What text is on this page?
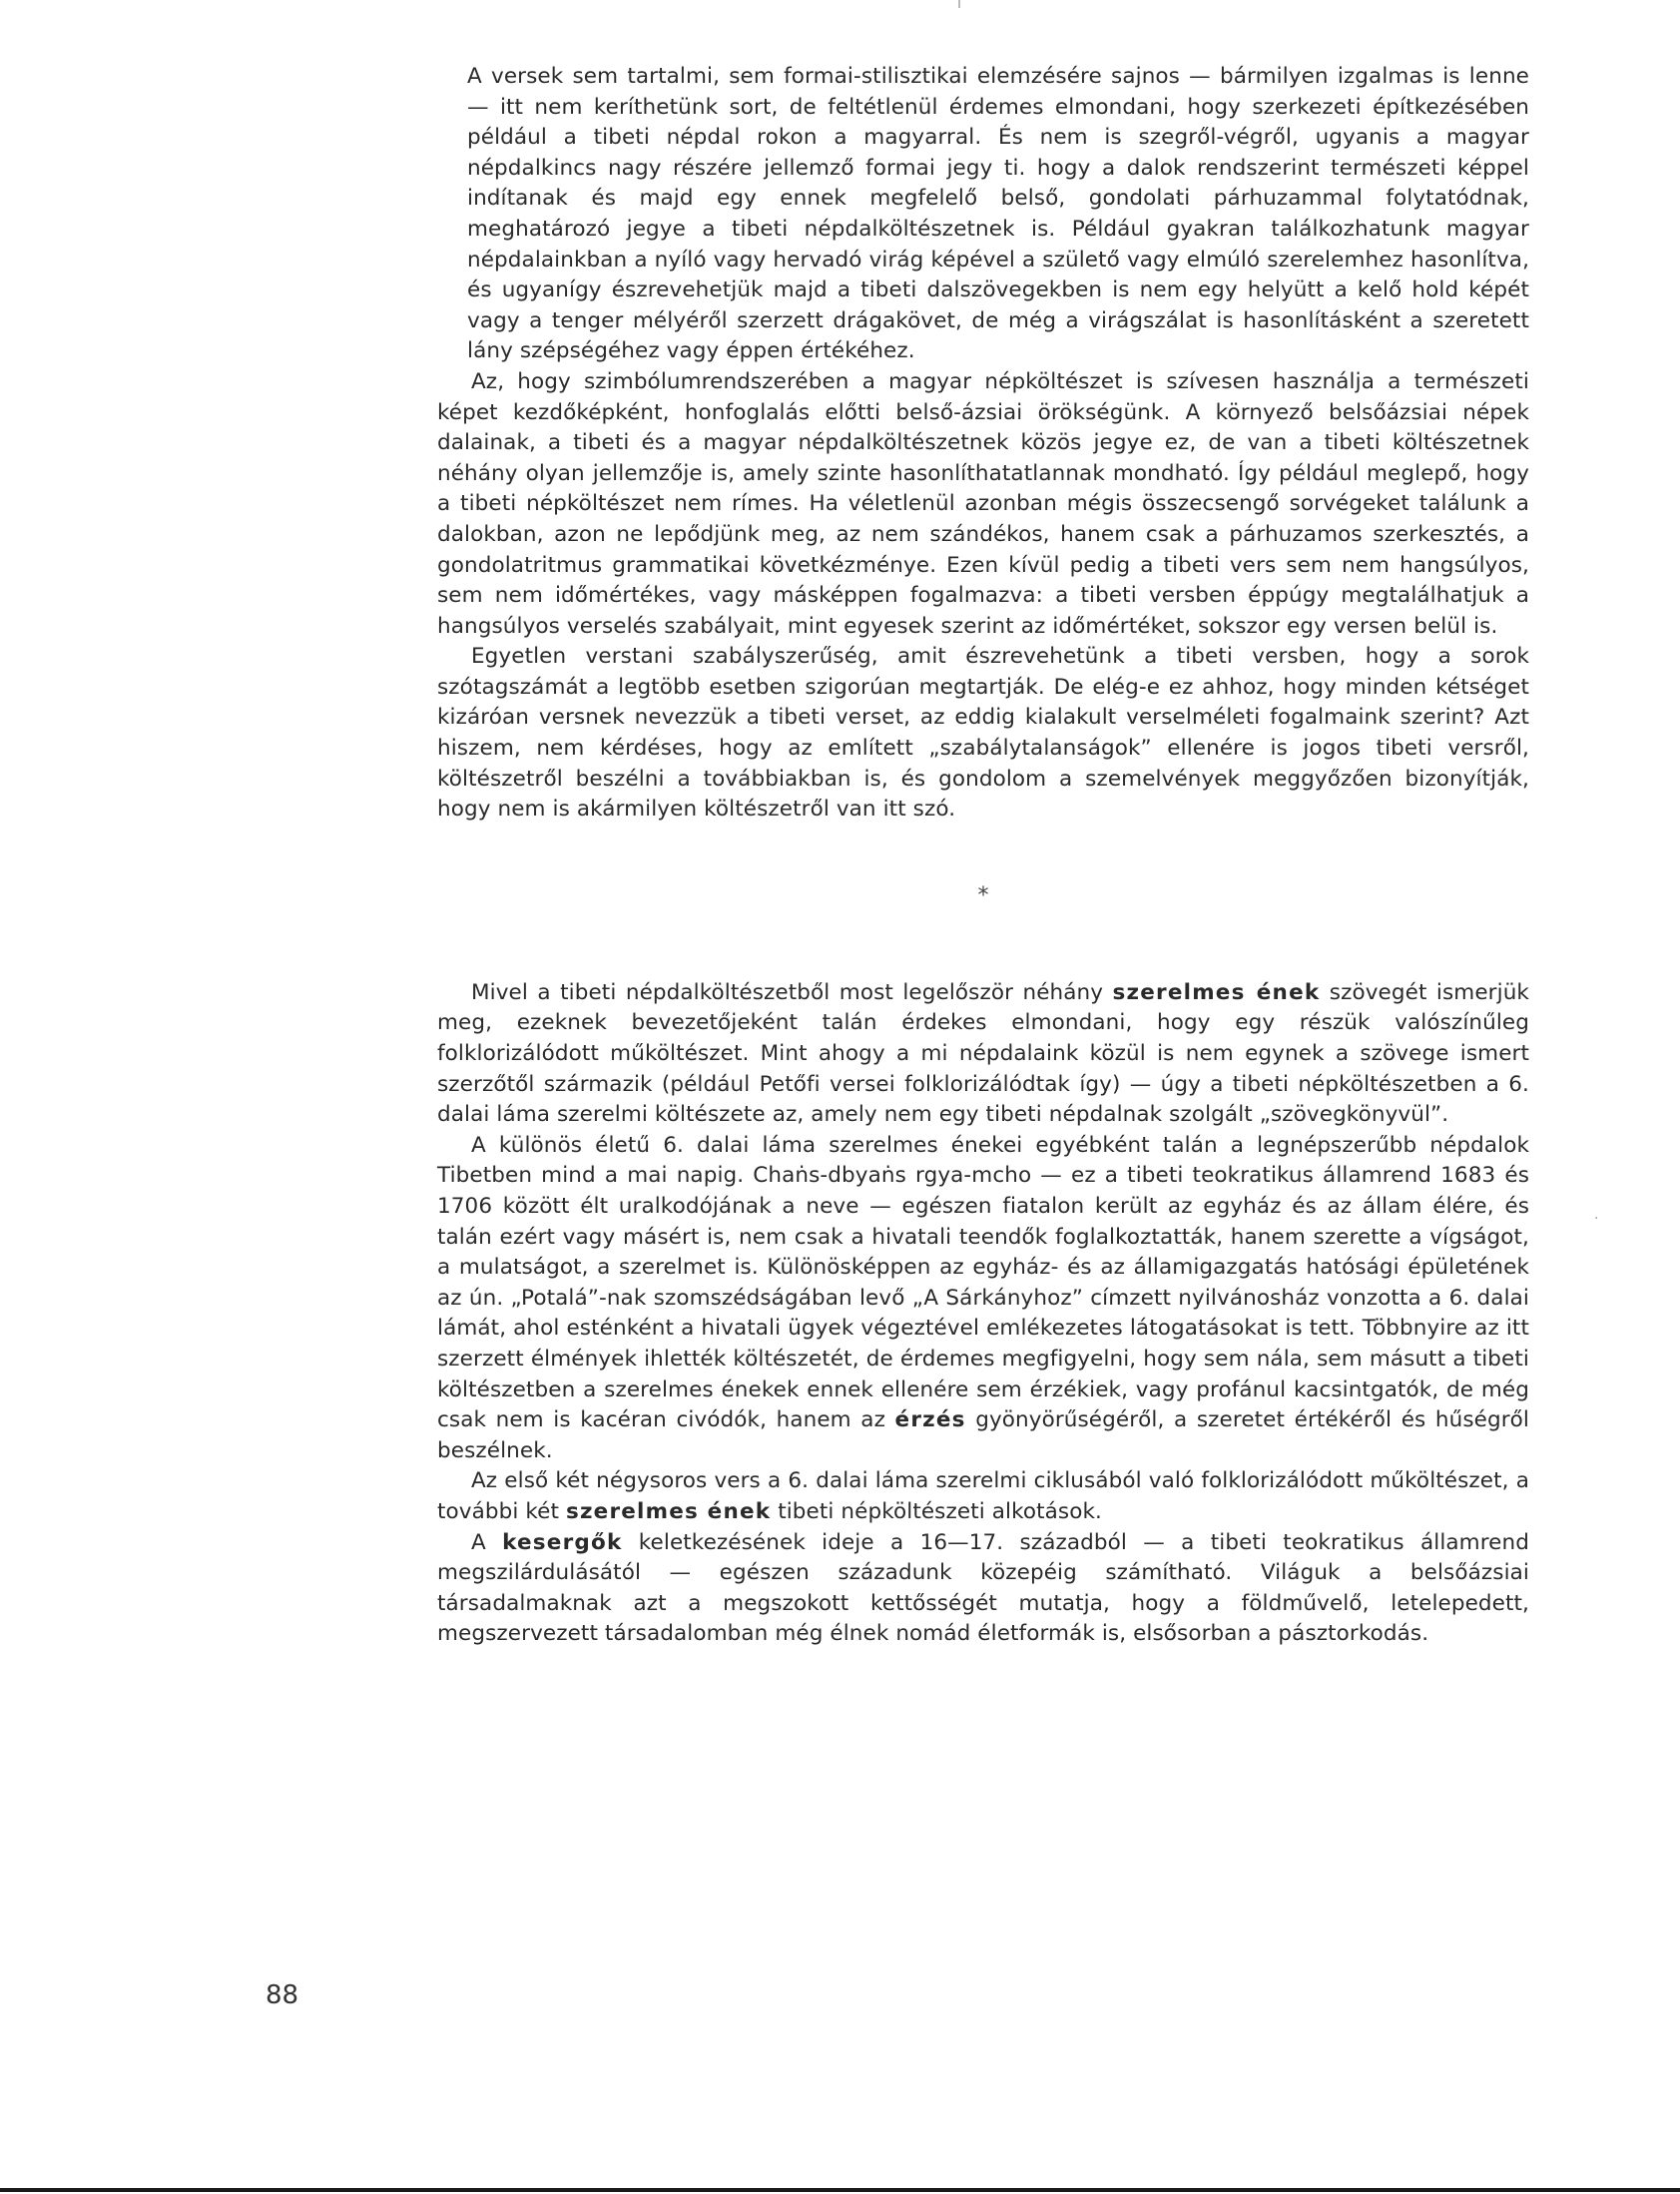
A versek sem tartalmi, sem formai-stilisztikai elemzésére sajnos — bármilyen izgalmas is lenne — itt nem keríthetünk sort, de feltétlenül érdemes elmondani, hogy szerkezeti építkezésében például a tibeti népdal rokon a magyarral. És nem is szegről-végről, ugyanis a magyar népdalkincs nagy részére jellemző formai jegy ti. hogy a dalok rendszerint természeti képpel indítanak és majd egy ennek megfelelő belső, gondolati párhuzammal folytatódnak, meghatározó jegye a tibeti népdalköltészetnek is. Például gyakran találkozhatunk magyar népdalainkban a nyíló vagy hervadó virág képével a születő vagy elmúló szerelemhez hasonlítva, és ugyanígy észrevehetjük majd a tibeti dalszövegekben is nem egy helyütt a kelő hold képét vagy a tenger mélyéről szerzett drágakövet, de még a virágszálat is hasonlításként a szeretett lány szépségéhez vagy éppen értékéhez.

Az, hogy szimbólumrendszerében a magyar népköltészet is szívesen használja a természeti képet kezdőképként, honfoglalás előtti belső-ázsiai örökségünk. A környező belsőázsiai népek dalainak, a tibeti és a magyar népdalköltészetnek közös jegye ez, de van a tibeti költészetnek néhány olyan jellemzője is, amely szinte hasonlíthatatlannak mondható. Így például meglepő, hogy a tibeti népköltészet nem rímes. Ha véletlenül azonban mégis összecsengő sorvégeket találunk a dalokban, azon ne lepődjünk meg, az nem szándékos, hanem csak a párhuzamos szerkesztés, a gondolatritmus grammatikai követkézménye. Ezen kívül pedig a tibeti vers sem nem hangsúlyos, sem nem időmértékes, vagy másképpen fogalmazva: a tibeti versben éppúgy megtalálhatjuk a hangsúlyos verselés szabályait, mint egyesek szerint az időmértéket, sokszor egy versen belül is.

Egyetlen verstani szabályszerűség, amit észrevehetünk a tibeti versben, hogy a sorok szótagszámát a legtöbb esetben szigorúan megtartják. De elég-e ez ahhoz, hogy minden kétséget kizáróan versnek nevezzük a tibeti verset, az eddig kialakult verselméleti fogalmaink szerint? Azt hiszem, nem kérdéses, hogy az említett „szabálytalanságok” ellenére is jogos tibeti versről, költészetről beszélni a továbbiakban is, és gondolom a szemelvények meggyőzően bizonyítják, hogy nem is akármilyen költészetről van itt szó.

*

Mivel a tibeti népdalköltészetből most legelőször néhány szerelmes ének szövegét ismerjük meg, ezeknek bevezetőjeként talán érdekes elmondani, hogy egy részük valószínűleg folklorizálódott műköltészet. Mint ahogy a mi népdalaink közül is nem egynek a szövege ismert szerzőtől származik (például Petőfi versei folklorizálódtak így) — úgy a tibeti népköltészetben a 6. dalai láma szerelmi költészete az, amely nem egy tibeti népdalnak szolgált „szövegkönyvül”.

A különös életű 6. dalai láma szerelmes énekei egyébként talán a legnépszerűbb népdalok Tibetben mind a mai napig. Chaṅs-dbyaṅs rgya-mcho — ez a tibeti teokratikus államrend 1683 és 1706 között élt uralkodójának a neve — egészen fiatalon került az egyház és az állam élére, és talán ezért vagy másért is, nem csak a hivatali teendők foglalkoztatták, hanem szerette a vígságot, a mulatságot, a szerelmet is. Különösképpen az egyház- és az államigazgatás hatósági épületének az ún. „Potalá”-nak szomszédságában levő „A Sárkányhoz” címzett nyilvánosház vonzotta a 6. dalai lámát, ahol esténként a hivatali ügyek végeztével emlékezetes látogatásokat is tett. Többnyire az itt szerzett élmények ihlették költészetét, de érdemes megfigyelni, hogy sem nála, sem másutt a tibeti költészetben a szerelmes énekek ennek ellenére sem érzékiek, vagy profánul kacsintgatók, de még csak nem is kacéran civódók, hanem az érzés gyönyörűségéről, a szeretet értékéről és hűségről beszélnek.

Az első két négysoros vers a 6. dalai láma szerelmi ciklusából való folklorizálódott műköltészet, a további két szerelmes ének tibeti népköltészeti alkotások.

A kesergők keletkezésének ideje a 16—17. századból — a tibeti teokratikus államrend megszilárdulásától — egészen századunk közepéig számítható. Világuk a belsőázsiai társadalmaknak azt a megszokott kettősségét mutatja, hogy a földművelő, letelepedett, megszervezett társadalomban még élnek nomád életformák is, elsősorban a pásztorkodás.

·
88
